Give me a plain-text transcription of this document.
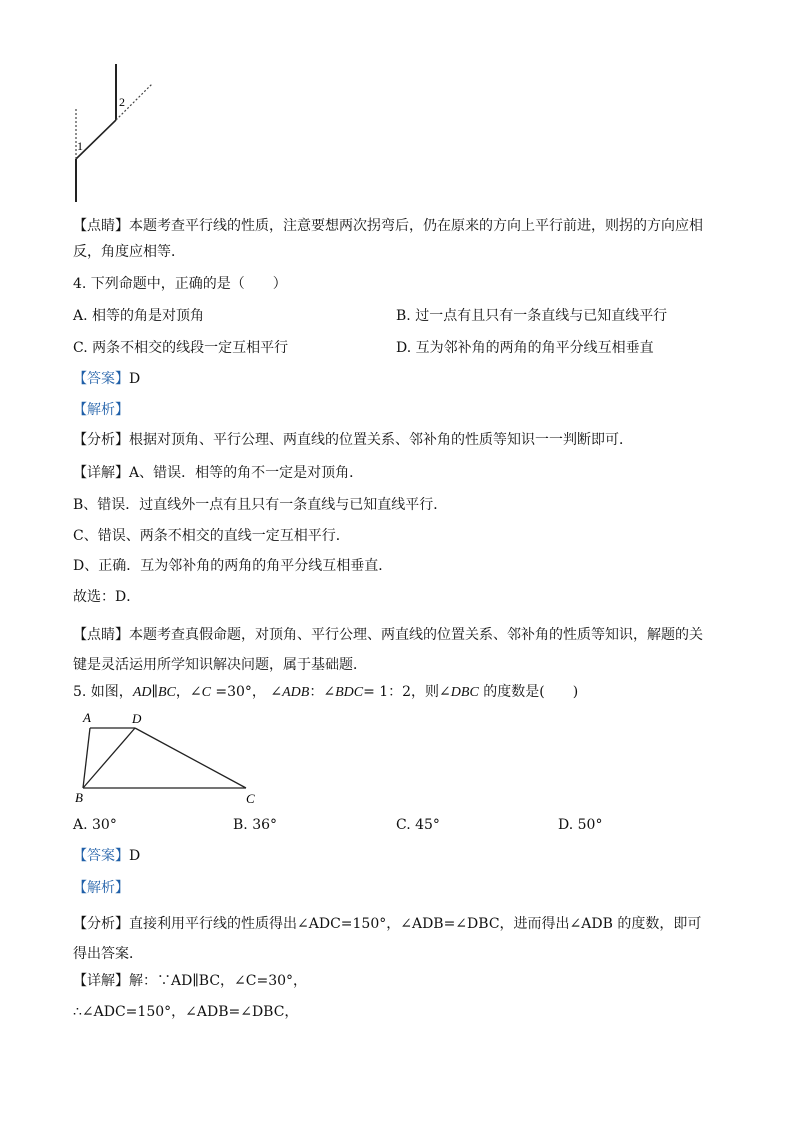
1
2
【点睛】本题考查平行线的性质，注意要想两次拐弯后，仍在原来的方向上平行前进，则拐的方向应相反，角度应相等．
4. 下列命题中，正确的是（　　）
A. 相等的角是对顶角	B. 过一点有且只有一条直线与已知直线平行
C. 两条不相交的线段一定互相平行	D. 互为邻补角的两角的角平分线互相垂直
【答案】D
【解析】
【分析】根据对顶角、平行公理、两直线的位置关系、邻补角的性质等知识一一判断即可．
【详解】A、错误．相等的角不一定是对顶角．
B、错误．过直线外一点有且只有一条直线与已知直线平行．
C、错误、两条不相交的直线一定互相平行．
D、正确．互为邻补角的两角的角平分线互相垂直．
故选：D．
【点睛】本题考查真假命题，对顶角、平行公理、两直线的位置关系、邻补角的性质等知识，解题的关键是灵活运用所学知识解决问题，属于基础题．
5. 如图，AD∥BC，∠C =30°， ∠ADB：∠BDC= 1：2，则∠DBC 的度数是(　　)
A	D
B	C
A. 30°	B. 36°	C. 45°	D. 50°
【答案】D
【解析】
【分析】直接利用平行线的性质得出∠ADC=150°，∠ADB=∠DBC，进而得出∠ADB 的度数，即可得出答案．
【详解】解：∵AD∥BC，∠C=30°，
∴∠ADC=150°，∠ADB=∠DBC，
